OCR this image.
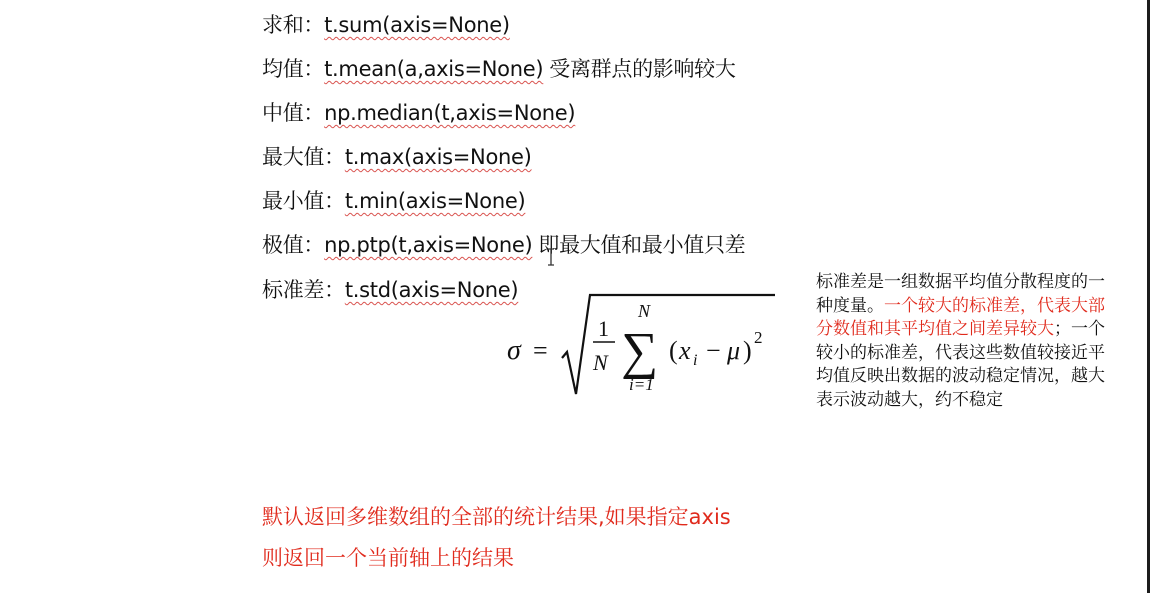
求和：t.sum(axis=None)
均值：t.mean(a,axis=None) 受离群点的影响较大
中值：np.median(t,axis=None)
最大值：t.max(axis=None)
最小值：t.min(axis=None)
极值：np.ptp(t,axis=None) 即最大值和最小值只差
标准差：t.std(axis=None)
σ =
1
N
N
∑
i=1
( x i − μ ) 2
标准差是一组数据平均值分散程度的一种度量。一个较大的标准差，代表大部分数值和其平均值之间差异较大；一个较小的标准差，代表这些数值较接近平均值反映出数据的波动稳定情况，越大表示波动越大，约不稳定
默认返回多维数组的全部的统计结果,如果指定axis
则返回一个当前轴上的结果
